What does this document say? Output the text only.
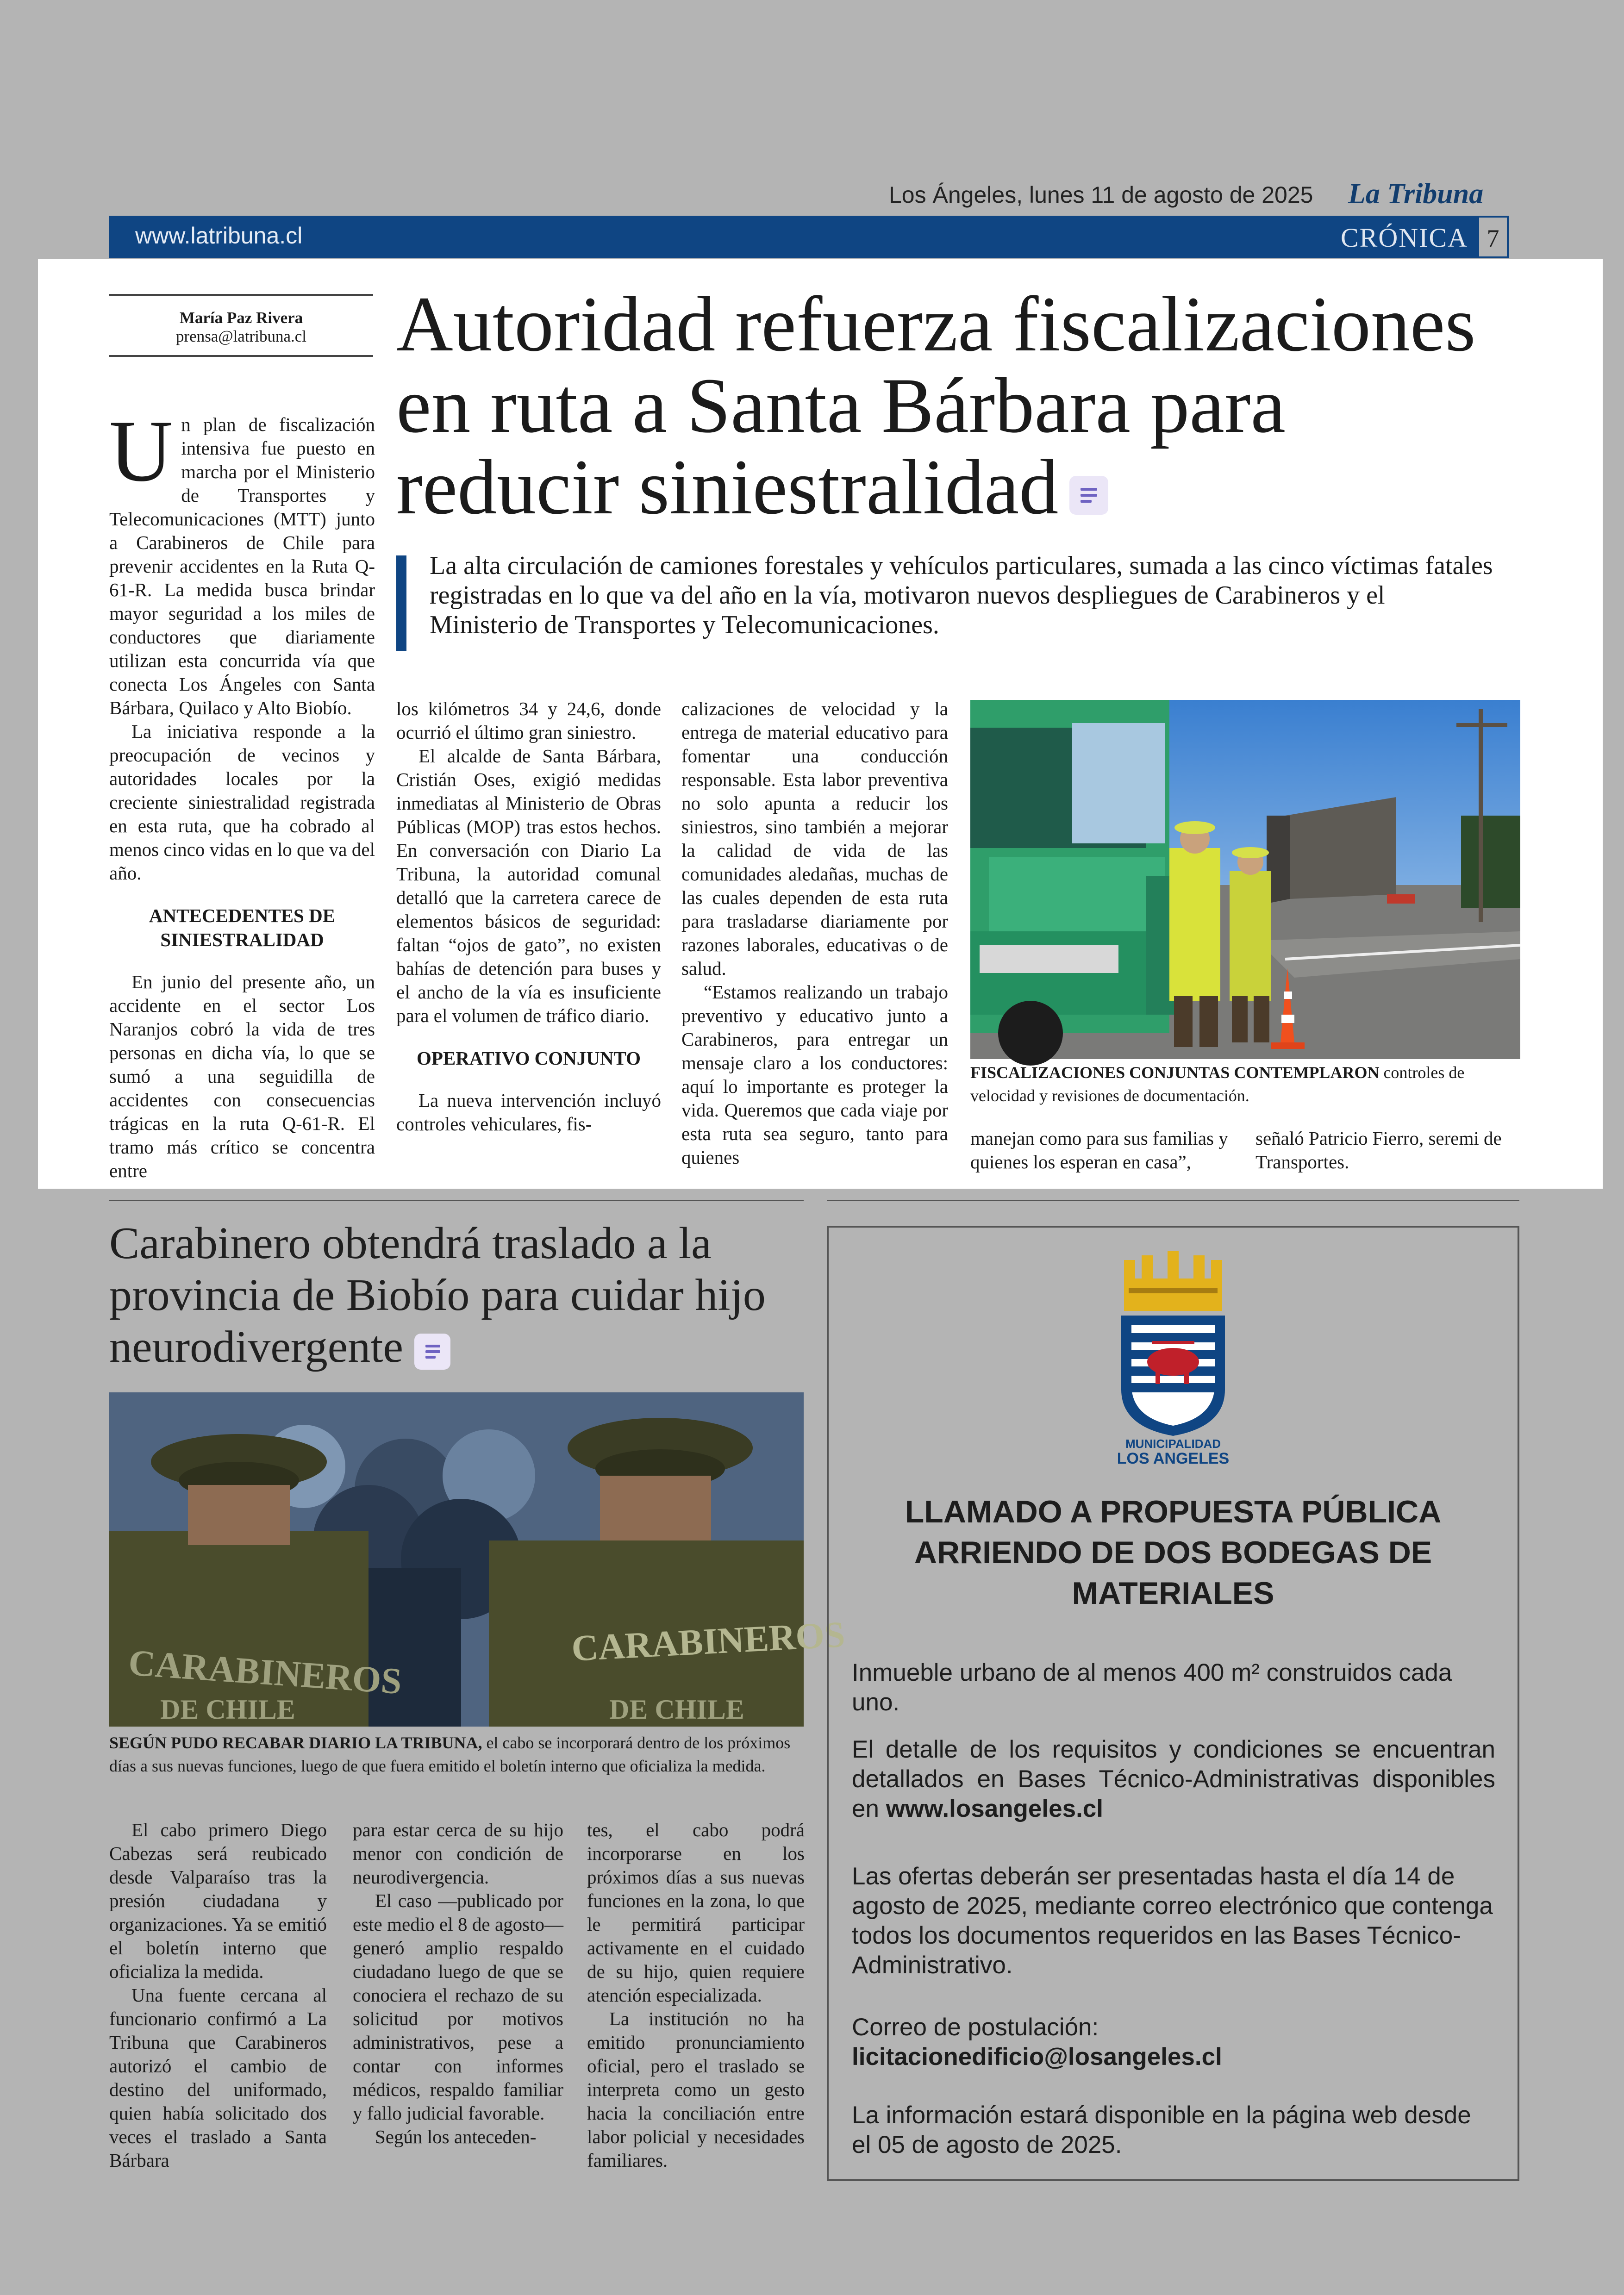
Los Ángeles, lunes 11 de agosto de 2025 La Tribuna
www.latribuna.cl	CRÓNICA 7
María Paz Rivera
prensa@latribuna.cl	Autoridad refuerza fiscalizaciones en ruta a Santa Bárbara para reducir siniestralidad
La alta circulación de camiones forestales y vehículos particulares, sumada a las cinco víctimas fatales registradas en lo que va del año en la vía, motivaron nuevos despliegues de Carabineros y el Ministerio de Transportes y Telecomunicaciones.
U n plan de fiscalización intensiva fue puesto en marcha por el Ministerio de Transportes y Telecomunicaciones (MTT) junto a Carabineros de Chile para prevenir accidentes en la Ruta Q-61-R. La medida busca brindar mayor seguridad a los miles de conductores que diariamente utilizan esta concurrida vía que conecta Los Ángeles con Santa Bárbara, Quilaco y Alto Biobío.

La iniciativa responde a la preocupación de vecinos y autoridades locales por la creciente siniestralidad registrada en esta ruta, que ha cobrado al menos cinco vidas en lo que va del año.

ANTECEDENTES DE SINIESTRALIDAD

En junio del presente año, un accidente en el sector Los Naranjos cobró la vida de tres personas en dicha vía, lo que se sumó a una seguidilla de accidentes con consecuencias trágicas en la ruta Q-61-R. El tramo más crítico se concentra entre

los kilómetros 34 y 24,6, donde ocurrió el último gran siniestro.

El alcalde de Santa Bárbara, Cristián Oses, exigió medidas inmediatas al Ministerio de Obras Públicas (MOP) tras estos hechos. En conversación con Diario La Tribuna, la autoridad comunal detalló que la carretera carece de elementos básicos de seguridad: faltan “ojos de gato”, no existen bahías de detención para buses y el ancho de la vía es insuficiente para el volumen de tráfico diario.

OPERATIVO CONJUNTO

La nueva intervención incluyó controles vehiculares, fis-

calizaciones de velocidad y la entrega de material educativo para fomentar una conducción responsable. Esta labor preventiva no solo apunta a reducir los siniestros, sino también a mejorar la calidad de vida de las comunidades aledañas, muchas de las cuales dependen de esta ruta para trasladarse diariamente por razones laborales, educativas o de salud.

“Estamos realizando un trabajo preventivo y educativo junto a Carabineros, para entregar un mensaje claro a los conductores: aquí lo importante es proteger la vida. Queremos que cada viaje por esta ruta sea seguro, tanto para quienes

FISCALIZACIONES CONJUNTAS CONTEMPLARON controles de velocidad y revisiones de documentación.

manejan como para sus familias y quienes los esperan en casa”,

señaló Patricio Fierro, seremi de Transportes.

Carabinero obtendrá traslado a la provincia de Biobío para cuidar hijo neurodivergente
CARABINEROS
DE CHILE
CARABINEROS
DE CHILE
SEGÚN PUDO RECABAR DIARIO LA TRIBUNA, el cabo se incorporará dentro de los próximos días a sus nuevas funciones, luego de que fuera emitido el boletín interno que oficializa la medida.

El cabo primero Diego Cabezas será reubicado desde Valparaíso tras la presión ciudadana y organizaciones. Ya se emitió el boletín interno que oficializa la medida.

Una fuente cercana al funcionario confirmó a La Tribuna que Carabineros autorizó el cambio de destino del uniformado, quien había solicitado dos veces el traslado a Santa Bárbara

para estar cerca de su hijo menor con condición de neurodivergencia.

El caso —publicado por este medio el 8 de agosto— generó amplio respaldo ciudadano luego de que se conociera el rechazo de su solicitud por motivos administrativos, pese a contar con informes médicos, respaldo familiar y fallo judicial favorable.

Según los anteceden-

tes, el cabo podrá incorporarse en los próximos días a sus nuevas funciones en la zona, lo que le permitirá participar activamente en el cuidado de su hijo, quien requiere atención especializada.

La institución no ha emitido pronunciamiento oficial, pero el traslado se interpreta como un gesto hacia la conciliación entre labor policial y necesidades familiares.

MUNICIPALIDAD
LOS ANGELES
LLAMADO A PROPUESTA PÚBLICA ARRIENDO DE DOS BODEGAS DE MATERIALES
Inmueble urbano de al menos 400 m² construidos cada uno.
El detalle de los requisitos y condiciones se encuentran detallados en Bases Técnico-Administrativas disponibles en www.losangeles.cl
Las ofertas deberán ser presentadas hasta el día 14 de agosto de 2025, mediante correo electrónico que contenga todos los documentos requeridos en las Bases Técnico-Administrativo.
Correo de postulación:
licitacionedificio@losangeles.cl
La información estará disponible en la página web desde el 05 de agosto de 2025.
